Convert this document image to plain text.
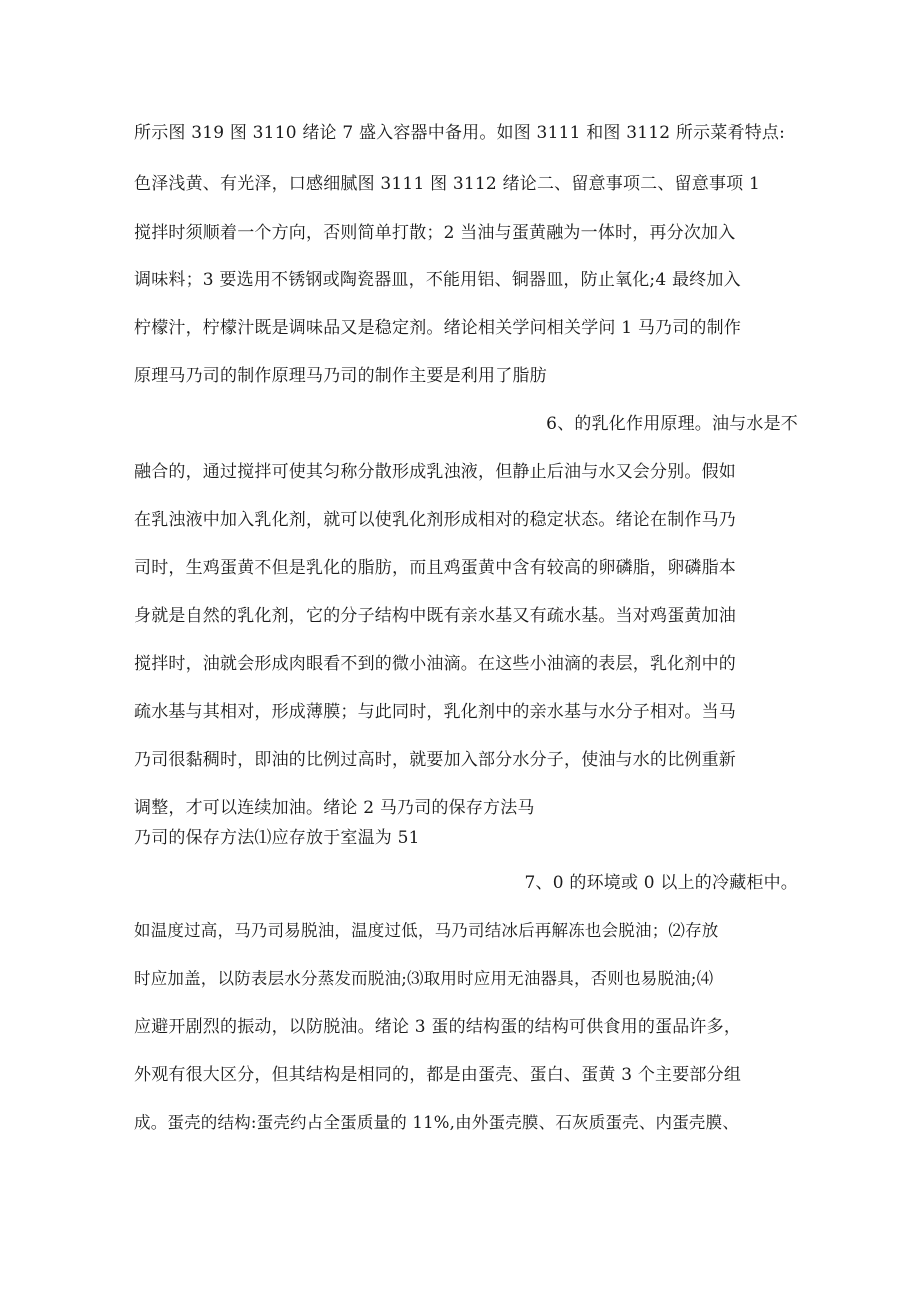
所示图 319 图 3110 绪论 7 盛入容器中备用。如图 3111 和图 3112 所示菜肴特点:
色泽浅黄、有光泽，口感细腻图 3111 图 3112 绪论二、留意事项二、留意事项 1
搅拌时须顺着一个方向，否则简单打散；2 当油与蛋黄融为一体时，再分次加入
调味料；3 要选用不锈钢或陶瓷器皿，不能用铝、铜器皿，防止氧化;4 最终加入
柠檬汁，柠檬汁既是调味品又是稳定剂。绪论相关学问相关学问 1 马乃司的制作
原理马乃司的制作原理马乃司的制作主要是利用了脂肪
6、的乳化作用原理。油与水是不
融合的，通过搅拌可使其匀称分散形成乳浊液，但静止后油与水又会分别。假如
在乳浊液中加入乳化剂，就可以使乳化剂形成相对的稳定状态。绪论在制作马乃
司时，生鸡蛋黄不但是乳化的脂肪，而且鸡蛋黄中含有较高的卵磷脂，卵磷脂本
身就是自然的乳化剂，它的分子结构中既有亲水基又有疏水基。当对鸡蛋黄加油
搅拌时，油就会形成肉眼看不到的微小油滴。在这些小油滴的表层，乳化剂中的
疏水基与其相对，形成薄膜；与此同时，乳化剂中的亲水基与水分子相对。当马
乃司很黏稠时，即油的比例过高时，就要加入部分水分子，使油与水的比例重新
调整，才可以连续加油。绪论 2 马乃司的保存方法马
乃司的保存方法⑴应存放于室温为 51
7、0 的环境或 0 以上的冷藏柜中。
如温度过高，马乃司易脱油，温度过低，马乃司结冰后再解冻也会脱油；⑵存放
时应加盖，以防表层水分蒸发而脱油;⑶取用时应用无油器具，否则也易脱油;⑷
应避开剧烈的振动，以防脱油。绪论 3 蛋的结构蛋的结构可供食用的蛋品许多，
外观有很大区分，但其结构是相同的，都是由蛋壳、蛋白、蛋黄 3 个主要部分组
成。蛋壳的结构:蛋壳约占全蛋质量的 11%,由外蛋壳膜、石灰质蛋壳、内蛋壳膜、
